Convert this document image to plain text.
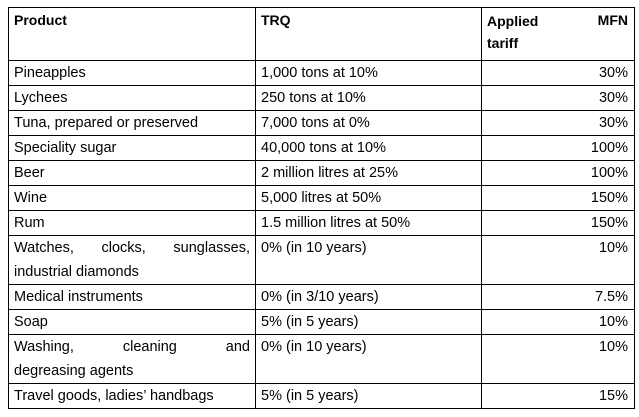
Product	TRQ	Applied tariff
MFN

Pineapples	1,000 tons at 10%	30%
Lychees	250 tons at 10%	30%
Tuna, prepared or preserved	7,000 tons at 0%	30%
Speciality sugar	40,000 tons at 10%	100%
Beer	2 million litres at 25%	100%
Wine	5,000 litres at 50%	150%
Rum	1.5 million litres at 50%	150%

Watches, clocks, sunglasses,
industrial diamonds	0% (in 10 years)	10%
Medical instruments	0% (in 3/10 years)	7.5%
Soap	5% (in 5 years)	10%

Washing, cleaning and
degreasing agents	0% (in 10 years)	10%
Travel goods, ladies’ handbags	5% (in 5 years)	15%
